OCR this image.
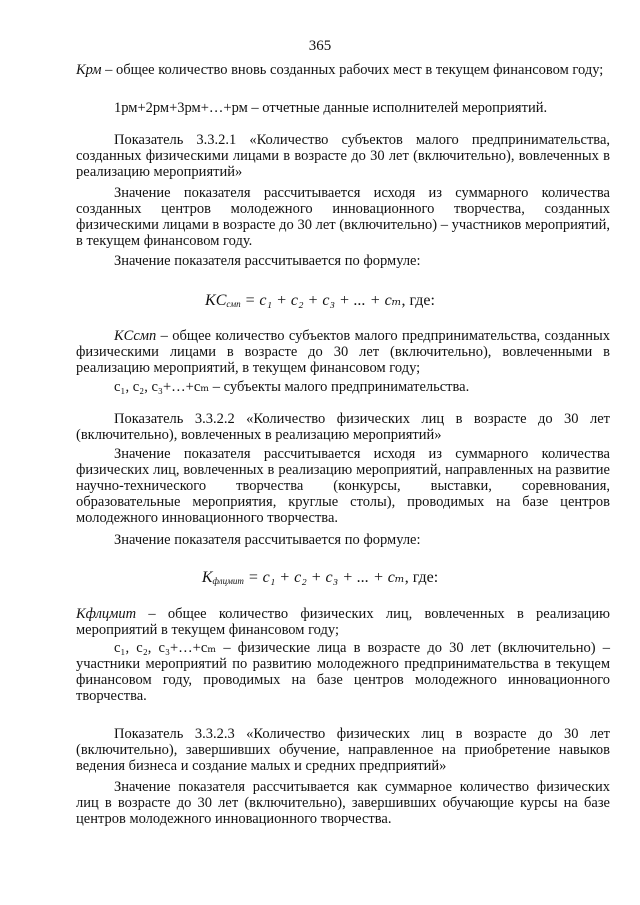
365
Kрм – общее количество вновь созданных рабочих мест в текущем финансовом году;
1рм+2рм+3рм+…+рм – отчетные данные исполнителей мероприятий.
Показатель 3.3.2.1 «Количество субъектов малого предпринимательства, созданных физическими лицами в возрасте до 30 лет (включительно), вовлеченных в реализацию мероприятий»
Значение показателя рассчитывается исходя из суммарного количества созданных центров молодежного инновационного творчества, созданных физическими лицами в возрасте до 30 лет (включительно) – участников мероприятий, в текущем финансовом году.
Значение показателя рассчитывается по формуле:
$KC_{смп} = c_1 + c_2 + c_3$ + ... + cₘ, где:
KCсмп – общее количество субъектов малого предпринимательства, созданных физическими лицами в возрасте до 30 лет (включительно), вовлеченными в реализацию мероприятий, в текущем финансовом году;
c₁, c₂, c₃+…+cₘ – субъекты малого предпринимательства.
Показатель 3.3.2.2 «Количество физических лиц в возрасте до 30 лет (включительно), вовлеченных в реализацию мероприятий»
Значение показателя рассчитывается исходя из суммарного количества физических лиц, вовлеченных в реализацию мероприятий, направленных на развитие научно-технического творчества (конкурсы, выставки, соревнования, образовательные мероприятия, круглые столы), проводимых на базе центров молодежного инновационного творчества.
Значение показателя рассчитывается по формуле:
$K_{флцмит} = c_1 + c_2 + c_3$ + ... + cₘ, где:
Kфлцмит – общее количество физических лиц, вовлеченных в реализацию мероприятий в текущем финансовом году;
c₁, c₂, c₃+…+cₘ – физические лица в возрасте до 30 лет (включительно) – участники мероприятий по развитию молодежного предпринимательства в текущем финансовом году, проводимых на базе центров молодежного инновационного творчества.
Показатель 3.3.2.3 «Количество физических лиц в возрасте до 30 лет (включительно), завершивших обучение, направленное на приобретение навыков ведения бизнеса и создание малых и средних предприятий»
Значение показателя рассчитывается как суммарное количество физических лиц в возрасте до 30 лет (включительно), завершивших обучающие курсы на базе центров молодежного инновационного творчества.
